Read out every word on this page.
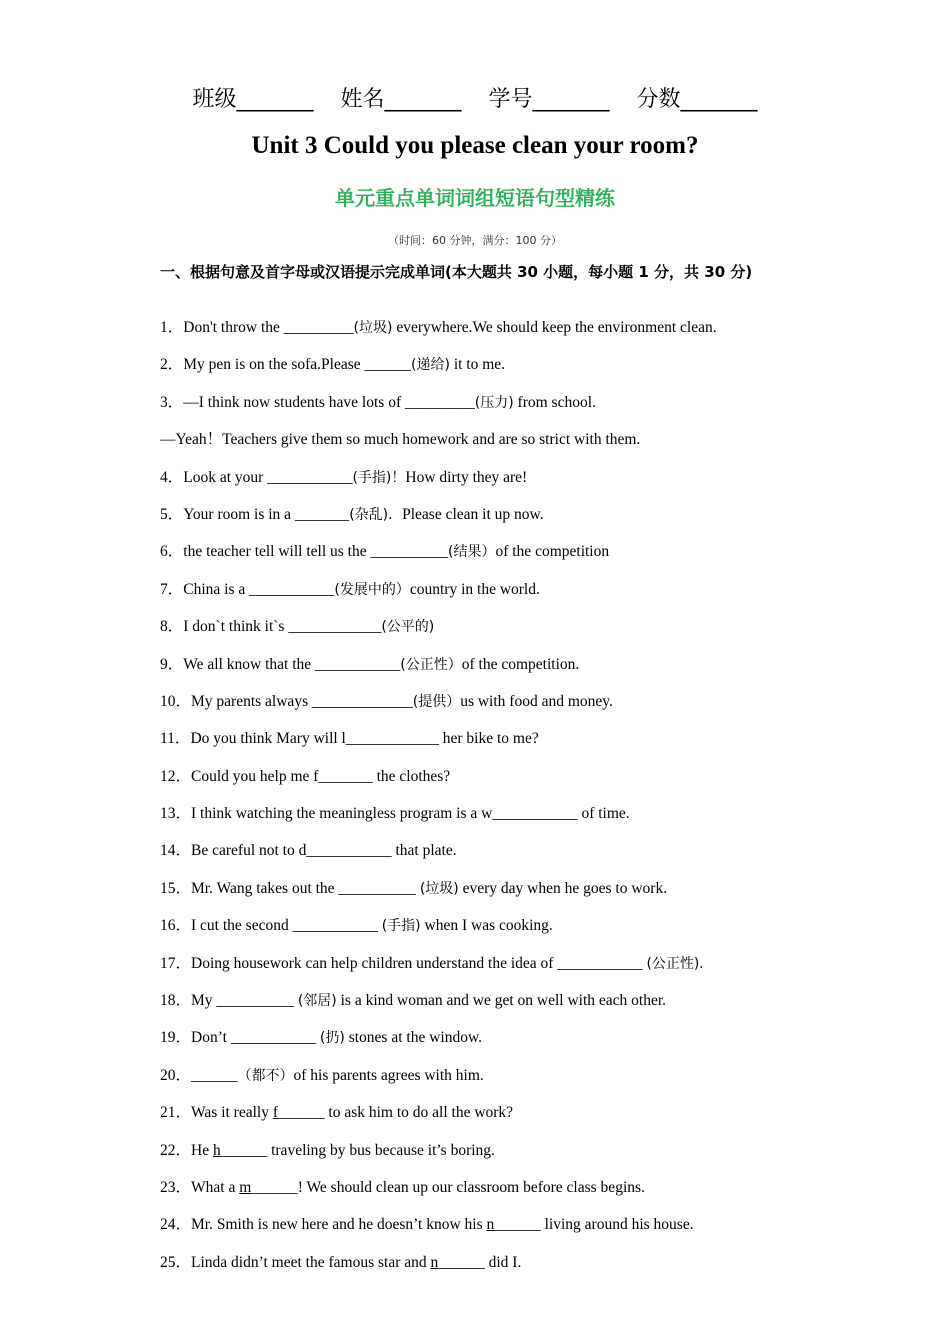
班级_______ 姓名_______ 学号_______ 分数_______
Unit 3 Could you please clean your room?
单元重点单词词组短语句型精练
（时间：60 分钟，满分：100 分）
一、根据句意及首字母或汉语提示完成单词(本大题共 30 小题，每小题 1 分，共 30 分)
1．Don't throw the _________(垃圾) everywhere.We should keep the environment clean.
2．My pen is on the sofa.Please ______(递给) it to me.
3．—I think now students have lots of _________(压力) from school.
—Yeah！Teachers give them so much homework and are so strict with them.
4．Look at your ___________(手指)！How dirty they are!
5．Your room is in a _______(杂乱)．Please clean it up now.
6．the teacher tell will tell us the __________(结果）of the competition
7．China is a ___________(发展中的）country in the world.
8．I don`t think it`s ____________(公平的)
9．We all know that the ___________(公正性）of the competition.
10．My parents always _____________(提供）us with food and money.
11．Do you think Mary will l____________ her bike to me?
12．Could you help me f_______ the clothes?
13．I think watching the meaningless program is a w___________ of time.
14．Be careful not to d___________ that plate.
15．Mr. Wang takes out the __________ (垃圾) every day when he goes to work.
16．I cut the second ___________ (手指) when I was cooking.
17．Doing housework can help children understand the idea of ___________ (公正性).
18．My __________ (邻居) is a kind woman and we get on well with each other.
19．Don’t ___________ (扔) stones at the window.
20．______（都不）of his parents agrees with him.
21．Was it really f______ to ask him to do all the work?
22．He h______ traveling by bus because it’s boring.
23．What a m______! We should clean up our classroom before class begins.
24．Mr. Smith is new here and he doesn’t know his n______ living around his house.
25．Linda didn’t meet the famous star and n______ did I.
